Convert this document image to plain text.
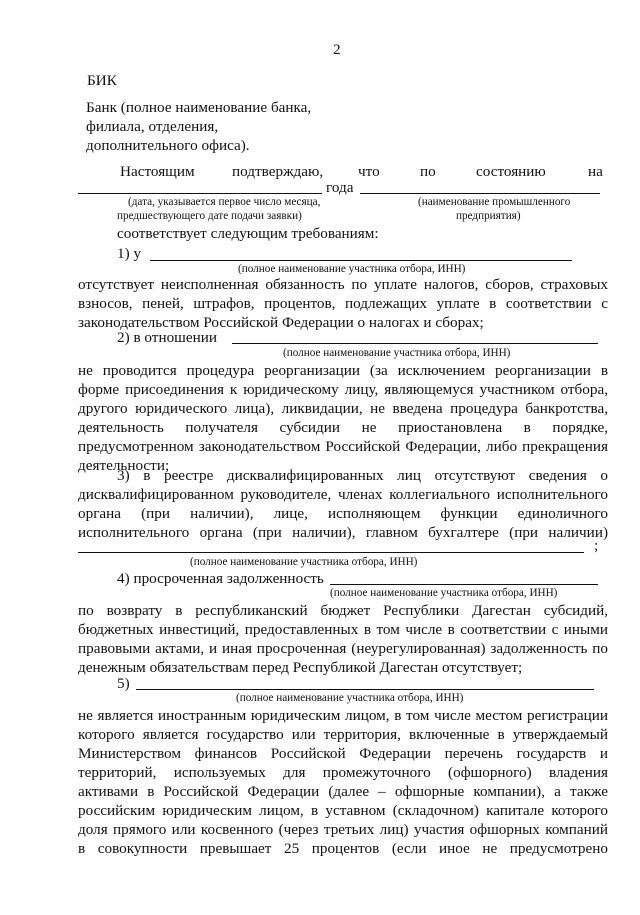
2
БИК
Банк (полное наименование банка,
филиала, отделения,
дополнительного офиса).
Настоящим подтверждаю, что	по	состоянию	на
года
(дата, указывается первое число месяца,
предшествующего дате подачи заявки)
(наименование промышленного
предприятия)
соответствует следующим требованиям:
1) у
(полное наименование участника отбора, ИНН)
отсутствует неисполненная обязанность по уплате налогов, сборов, страховых
взносов, пеней, штрафов, процентов, подлежащих уплате в соответствии с
законодательством Российской Федерации о налогах и сборах;
2) в отношении
(полное наименование участника отбора, ИНН)
не проводится процедура реорганизации (за исключением реорганизации в
форме присоединения к юридическому лицу, являющемуся участником отбора,
другого юридического лица), ликвидации, не введена процедура банкротства,
деятельность получателя субсидии не приостановлена в порядке,
предусмотренном законодательством Российской Федерации, либо прекращения
деятельности;
3) в реестре дисквалифицированных лиц отсутствуют сведения о
дисквалифицированном руководителе, членах коллегиального исполнительного
органа (при наличии), лице, исполняющем функции единоличного
исполнительного органа (при наличии), главном бухгалтере (при наличии)
;
(полное наименование участника отбора, ИНН)
4) просроченная задолженность
(полное наименование участника отбора, ИНН)
по возврату в республиканский бюджет Республики Дагестан субсидий,
бюджетных инвестиций, предоставленных в том числе в соответствии с иными
правовыми актами, и иная просроченная (неурегулированная) задолженность по
денежным обязательствам перед Республикой Дагестан отсутствует;
5)
(полное наименование участника отбора, ИНН)
не является иностранным юридическим лицом, в том числе местом регистрации
которого является государство или территория, включенные в утверждаемый
Министерством финансов Российской Федерации перечень государств и
территорий, используемых для промежуточного (офшорного) владения
активами в Российской Федерации (далее – офшорные компании), а также
российским юридическим лицом, в уставном (складочном) капитале которого
доля прямого или косвенного (через третьих лиц) участия офшорных компаний
в совокупности превышает 25 процентов (если иное не предусмотрено
